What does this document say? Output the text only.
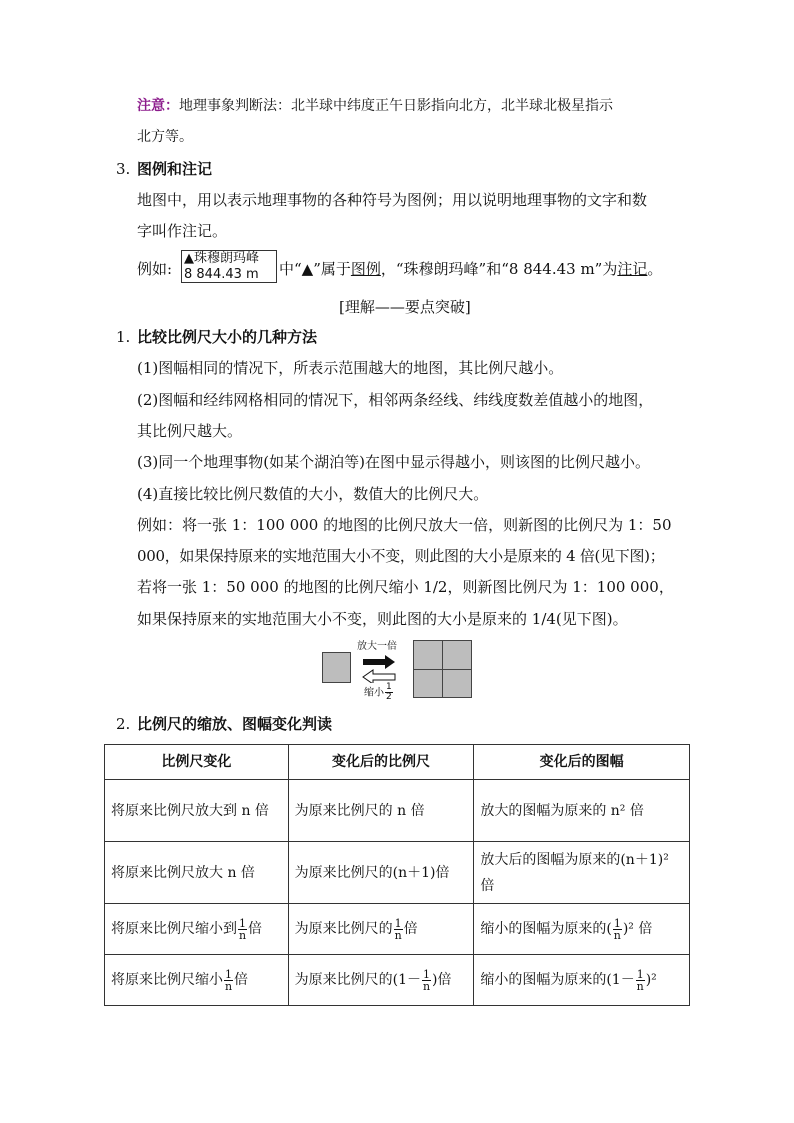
注意：地理事象判断法：北半球中纬度正午日影指向北方，北半球北极星指示
北方等。
3. 图例和注记
地图中，用以表示地理事物的各种符号为图例；用以说明地理事物的文字和数
字叫作注记。
例如:
▲珠穆朗玛峰
8 844.43 m	中“▲”属于图例，“珠穆朗玛峰”和“8 844.43 m”为注记。
[理解——要点突破]
1. 比较比例尺大小的几种方法
(1)图幅相同的情况下，所表示范围越大的地图，其比例尺越小。
(2)图幅和经纬网格相同的情况下，相邻两条经线、纬线度数差值越小的地图，
其比例尺越大。
(3)同一个地理事物(如某个湖泊等)在图中显示得越小，则该图的比例尺越小。
(4)直接比较比例尺数值的大小，数值大的比例尺大。
例如：将一张 1：100 000 的地图的比例尺放大一倍，则新图的比例尺为 1：50
000，如果保持原来的实地范围大小不变，则此图的大小是原来的 4 倍(见下图)；
若将一张 1：50 000 的地图的比例尺缩小 1/2，则新图比例尺为 1：100 000，
如果保持原来的实地范围大小不变，则此图的大小是原来的 1/4(见下图)。
放大一倍
缩小 $\frac{1}{2}$
2. 比例尺的缩放、图幅变化判读
比例尺变化	变化后的比例尺	变化后的图幅
将原来比例尺放大到 n 倍	为原来比例尺的 n 倍	放大的图幅为原来的 n² 倍
将原来比例尺放大 n 倍	为原来比例尺的(n＋1)倍	放大后的图幅为原来的(n＋1)² 倍
将原来比例尺缩小到 $\frac{1}{n}$ 倍	为原来比例尺的 $\frac{1}{n}$ 倍	缩小的图幅为原来的( $\frac{1}{n} )^2$ 倍
将原来比例尺缩小 $\frac{1}{n}$ 倍	为原来比例尺的($1- \frac{1}{n}$ )倍	缩小的图幅为原来的$(1- \frac{1}{n} )^2$
